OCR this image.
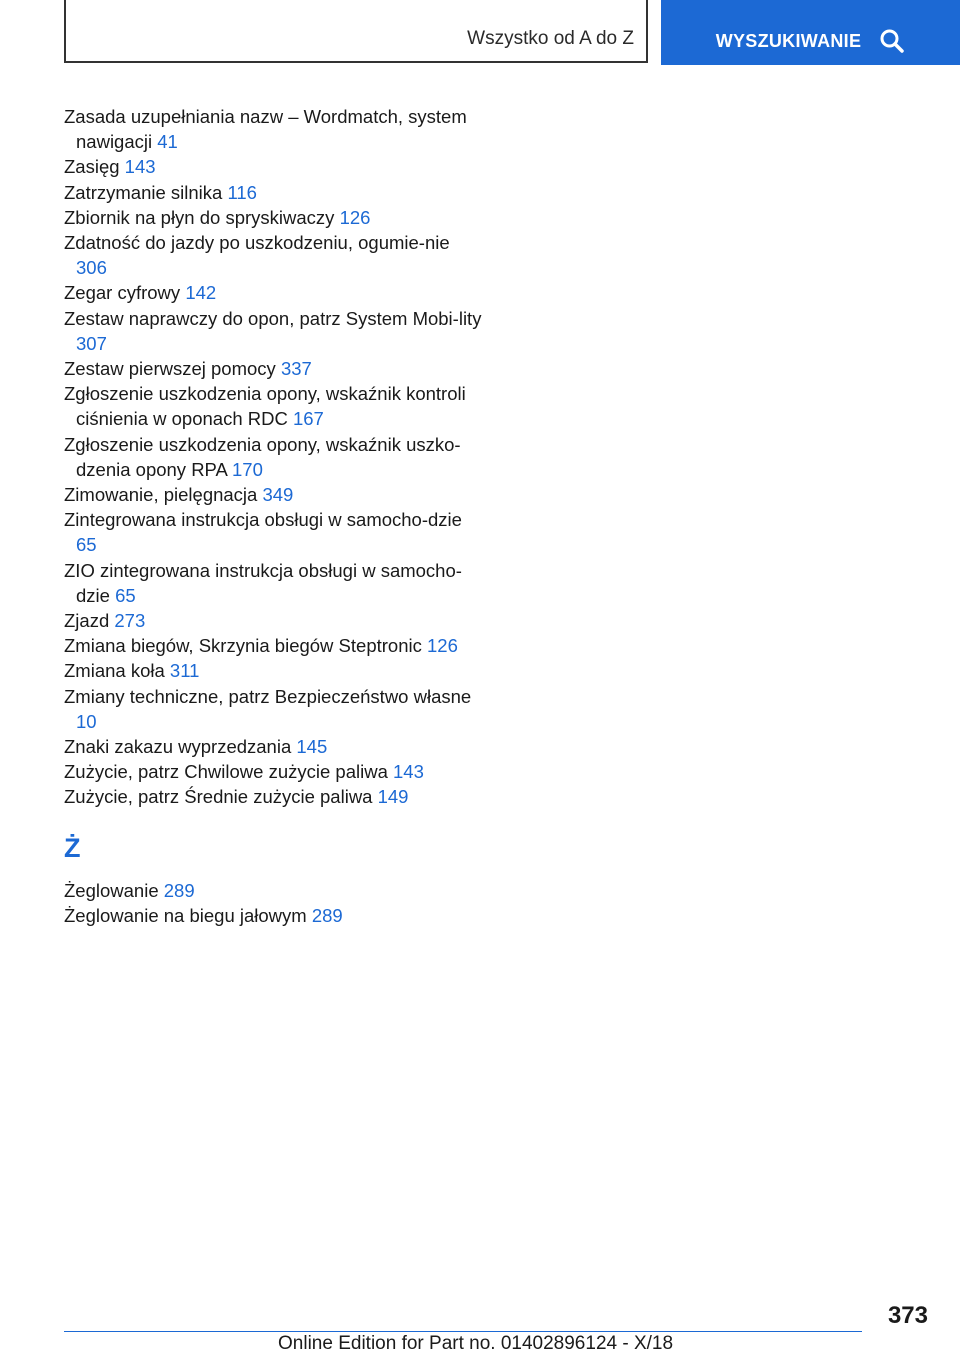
Wszystko od A do Z	WYSZUKIWANIE
Zasada uzupełniania nazw – Wordmatch, system nawigacji 41
Zasięg 143
Zatrzymanie silnika 116
Zbiornik na płyn do spryskiwaczy 126
Zdatność do jazdy po uszkodzeniu, ogumie‐nie 306
Zegar cyfrowy 142
Zestaw naprawczy do opon, patrz System Mobi‐lity 307
Zestaw pierwszej pomocy 337
Zgłoszenie uszkodzenia opony, wskaźnik kontroli ciśnienia w oponach RDC 167
Zgłoszenie uszkodzenia opony, wskaźnik uszko‐dzenia opony RPA 170
Zimowanie, pielęgnacja 349
Zintegrowana instrukcja obsługi w samocho‐dzie 65
ZIO zintegrowana instrukcja obsługi w samocho‐dzie 65
Zjazd 273
Zmiana biegów, Skrzynia biegów Steptronic 126
Zmiana koła 311
Zmiany techniczne, patrz Bezpieczeństwo własne 10
Znaki zakazu wyprzedzania 145
Zużycie, patrz Chwilowe zużycie paliwa 143
Zużycie, patrz Średnie zużycie paliwa 149
Ż
Żeglowanie 289
Żeglowanie na biegu jałowym 289
373
Online Edition for Part no. 01402896124 - X/18
